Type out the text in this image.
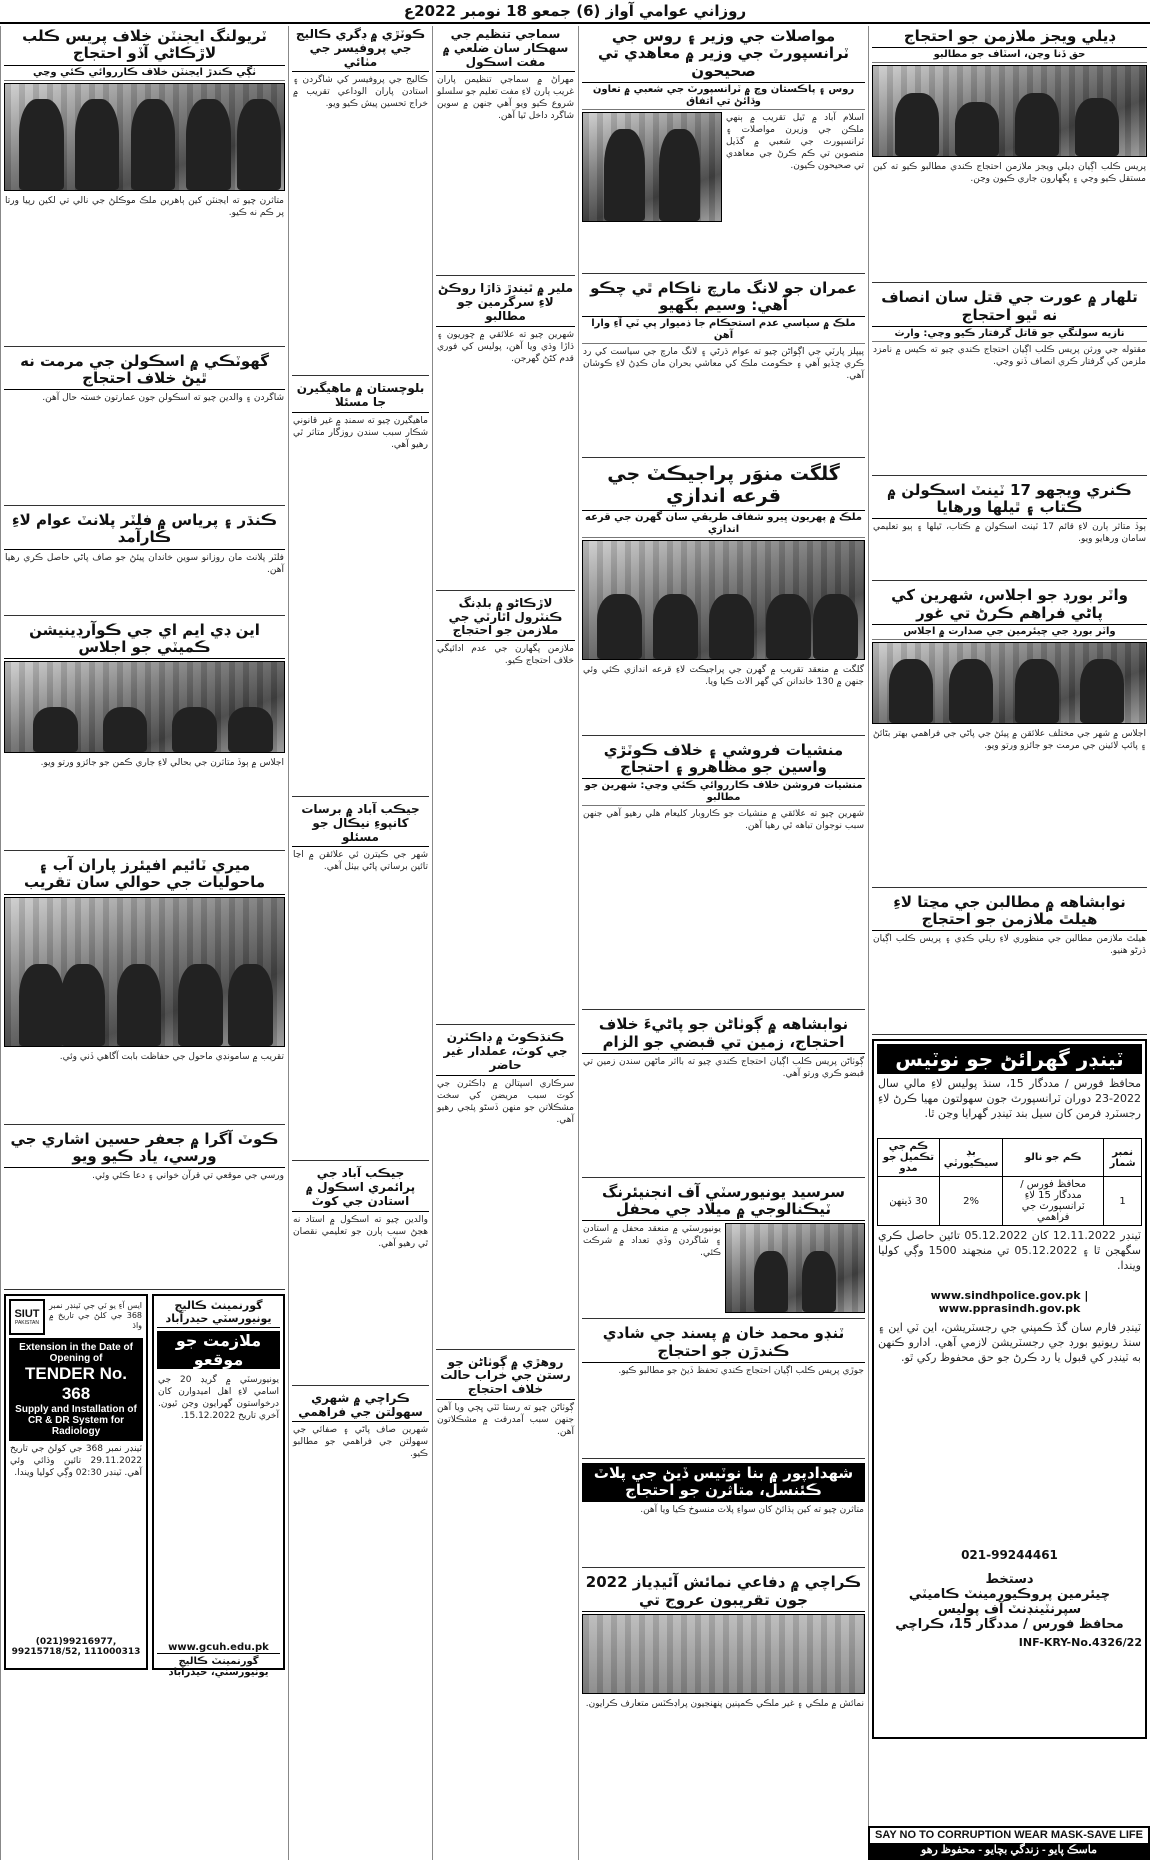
روزاني عوامي آواز (6) جمعو 18 نومبر 2022ع
ڊيلي ويجز ملازمن جو احتجاج
حق ڏنا وڃن، اسٽاف جو مطالبو
پريس ڪلب اڳيان ڊيلي ويجز ملازمن احتجاج ڪندي مطالبو ڪيو ته کين مستقل ڪيو وڃي ۽ پگهارون جاري ڪيون وڃن.
تلهار ۾ عورت جي قتل سان انصاف نه ٿيو احتجاج
نازيه سولنگي جو قاتل گرفتار ڪيو وڃي: وارث
مقتوله جي ورثن پريس ڪلب اڳيان احتجاج ڪندي چيو ته ڪيس ۾ نامزد ملزمن کي گرفتار ڪري انصاف ڏنو وڃي.
ڪنري ويجهو 17 ٽينٽ اسڪولن ۾ ڪتاب ۽ ٿيلها ورهايا
ٻوڏ متاثر ٻارن لاءِ قائم 17 ٽينٽ اسڪولن ۾ ڪتاب، ٿيلها ۽ ٻيو تعليمي سامان ورهايو ويو.
واٽر بورڊ جو اجلاس، شهرين کي پاڻي فراهم ڪرڻ تي غور
واٽر بورڊ جي چيئرمين جي صدارت ۾ اجلاس
اجلاس ۾ شهر جي مختلف علائقن ۾ پيئڻ جي پاڻي جي فراهمي بهتر بڻائڻ ۽ پائپ لائينن جي مرمت جو جائزو ورتو ويو.
نوابشاهه ۾ مطالبن جي مڃتا لاءِ هيلٿ ملازمن جو احتجاج
هيلٿ ملازمن مطالبن جي منظوري لاءِ ريلي ڪڍي ۽ پريس ڪلب اڳيان ڌرڻو هنيو.
ٽينڊر گهرائڻ جو نوٽيس
محافظ فورس / مددگار 15، سنڌ پوليس لاءِ مالي سال 2022-23 دوران ٽرانسپورٽ جون سهولتون مهيا ڪرڻ لاءِ رجسٽرڊ فرمن کان سيل بند ٽينڊر گهرايا وڃن ٿا.
نمبر شمار	ڪم جو نالو	بڊ سيڪيورٽي	ڪم جي تڪميل جو مدو
1	محافظ فورس / مددگار 15 لاءِ ٽرانسپورٽ جي فراهمي	2%	30 ڏينهن
ٽينڊر 12.11.2022 کان 05.12.2022 تائين حاصل ڪري سگهجن ٿا ۽ 05.12.2022 تي منجهند 1500 وڳي کوليا ويندا.
www.sindhpolice.gov.pk | www.pprasindh.gov.pk
ٽينڊر فارم سان گڏ ڪمپني جي رجسٽريشن، اين ٽي اين ۽ سنڌ ريونيو بورڊ جي رجسٽريشن لازمي آهي. ادارو ڪنهن به ٽينڊر کي قبول يا رد ڪرڻ جو حق محفوظ رکي ٿو.
021-99244461
دستخط
چيئرمين پروڪيورمينٽ ڪاميٽي
سپرنٽينڊنٽ آف پوليس
محافظ فورس / مددگار 15، ڪراچي
INF-KRY-No.4326/22
SAY NO TO CORRUPTION WEAR MASK-SAVE LIFE
ماسڪ پايو - زندگي بچايو - محفوظ رهو
مواصلات جي وزير ۽ روس جي ٽرانسپورٽ جي وزير ۾ معاهدي تي صحيحون
روس ۽ پاڪستان وچ ۾ ٽرانسپورٽ جي شعبي ۾ تعاون وڌائڻ تي اتفاق
اسلام آباد ۾ ٿيل تقريب ۾ ٻنهي ملڪن جي وزيرن مواصلات ۽ ٽرانسپورٽ جي شعبي ۾ گڏيل منصوبن تي ڪم ڪرڻ جي معاهدي تي صحيحون ڪيون.
عمران جو لانگ مارچ ناڪام ٿي چڪو آهي: وسيم بگهيو
ملڪ ۾ سياسي عدم استحڪام جا ذميوار پي ٽي آءِ وارا آهن
پيپلز پارٽي جي اڳواڻن چيو ته عوام ڌرڻي ۽ لانگ مارچ جي سياست کي رد ڪري ڇڏيو آهي ۽ حڪومت ملڪ کي معاشي بحران مان ڪڍڻ لاءِ ڪوشان آهي.
گلگت منوَر پراجيڪٽ جي قرعه اندازي
ملڪ ۾ پهريون ڀيرو شفاف طريقي سان گهرن جي قرعه اندازي
گلگت ۾ منعقد تقريب ۾ گهرن جي پراجيڪٽ لاءِ قرعه اندازي ڪئي وئي جنهن ۾ 130 خاندانن کي گهر الاٽ ڪيا ويا.
منشيات فروشي ۽ خلاف ڪوٽڙي واسين جو مظاهرو ۽ احتجاج
منشيات فروشن خلاف ڪارروائي ڪئي وڃي: شهرين جو مطالبو
شهرين چيو ته علائقي ۾ منشيات جو ڪاروبار کليعام هلي رهيو آهي جنهن سبب نوجوان تباهه ٿي رهيا آهن.
نوابشاهه ۾ ڳوٺاڻن جو پاڻيءَ خلاف احتجاج، زمين تي قبضي جو الزام
ڳوٺاڻن پريس ڪلب اڳيان احتجاج ڪندي چيو ته بااثر ماڻهن سندن زمين تي قبضو ڪري ورتو آهي.
سرسيد يونيورسٽي آف انجنيئرنگ ٽيڪنالوجي ۾ ميلاد جي محفل
يونيورسٽي ۾ منعقد محفل ۾ استادن ۽ شاگردن وڏي تعداد ۾ شرڪت ڪئي.
ٽنڊو محمد خان ۾ پسند جي شادي ڪندڙن جو احتجاج
جوڙي پريس ڪلب اڳيان احتجاج ڪندي تحفظ ڏيڻ جو مطالبو ڪيو.
شهدادپور ۾ بنا نوٽيس ڏيڻ جي پلاٽ ڪئنسل، متاثرن جو احتجاج
متاثرن چيو ته کين ٻڌائڻ کان سواءِ پلاٽ منسوخ ڪيا ويا آهن.
ڪراچي ۾ دفاعي نمائش آئيڊياز 2022 جون تقريبون عروج تي
نمائش ۾ ملڪي ۽ غير ملڪي ڪمپنين پنهنجيون پراڊڪٽس متعارف ڪرايون.
سماجي تنظيم جي سهڪار سان ضلعي ۾ مفت اسڪول
مهراڻ ۾ سماجي تنظيمن پاران غريب ٻارن لاءِ مفت تعليم جو سلسلو شروع ڪيو ويو آهي جنهن ۾ سوين شاگرد داخل ٿيا آهن.
ملير ۾ ٿيندڙ ڌاڙا روڪڻ لاءِ سرگرمين جو مطالبو
شهرين چيو ته علائقي ۾ چوريون ۽ ڌاڙا وڌي ويا آهن، پوليس کي فوري قدم کڻڻ گهرجن.
لاڙڪاڻو ۾ بلڊنگ ڪنٽرول اٿارٽي جي ملازمن جو احتجاج
ملازمن پگهارن جي عدم ادائيگي خلاف احتجاج ڪيو.
ڪنڌڪوٽ ۾ ڊاڪٽرن جي کوٽ، عملدار غير حاضر
سرڪاري اسپتالن ۾ ڊاڪٽرن جي کوٽ سبب مريضن کي سخت مشڪلاتن جو منهن ڏسڻو پئجي رهيو آهي.
روهڙي ۾ ڳوٺاڻن جو رستن جي خراب حالت خلاف احتجاج
ڳوٺاڻن چيو ته رستا ٽٽي ڀڄي ويا آهن جنهن سبب آمدرفت ۾ مشڪلاتون آهن.
ڪوٽڙي ۾ ڊگري ڪاليج جي پروفيسر جي مٺائي
ڪاليج جي پروفيسر کي شاگردن ۽ استادن پاران الوداعي تقريب ۾ خراج تحسين پيش ڪيو ويو.
بلوچستان ۾ ماهيگيرن جا مسئلا
ماهيگيرن چيو ته سمنڊ ۾ غير قانوني شڪار سبب سندن روزگار متاثر ٿي رهيو آهي.
جيڪب آباد ۾ برسات کانپوءِ نيڪال جو مسئلو
شهر جي ڪيترن ئي علائقن ۾ اڃا تائين برساتي پاڻي بيٺل آهي.
جيڪب آباد جي پرائمري اسڪول ۾ استادن جي کوٽ
والدين چيو ته اسڪول ۾ استاد نه هجڻ سبب ٻارن جو تعليمي نقصان ٿي رهيو آهي.
ڪراچي ۾ شهري سهولتن جي فراهمي
شهرين صاف پاڻي ۽ صفائي جي سهولتن جي فراهمي جو مطالبو ڪيو.
ٽريولنگ ايجنٽن خلاف پريس ڪلب لاڙڪاڻي آڏو احتجاج
ٺڳي ڪندڙ ايجنٽن خلاف ڪارروائي ڪئي وڃي
متاثرن چيو ته ايجنٽن کين ٻاهرين ملڪ موڪلڻ جي نالي تي لکين رپيا ورتا پر ڪم نه ڪيو.
گهوٽڪي ۾ اسڪولن جي مرمت نه ٿيڻ خلاف احتجاج
شاگردن ۽ والدين چيو ته اسڪولن جون عمارتون خستہ حال آهن.
ڪنڌر ۽ پرياس ۾ فلٽر پلانٽ عوام لاءِ ڪارآمد
فلٽر پلانٽ مان روزانو سوين خاندان پيئڻ جو صاف پاڻي حاصل ڪري رهيا آهن.
اين ڊي ايم اي جي ڪوآرڊينيشن ڪميٽي جو اجلاس
اجلاس ۾ ٻوڏ متاثرن جي بحالي لاءِ جاري ڪمن جو جائزو ورتو ويو.
ميري ٽائيم افيئرز پاران آب ۽ ماحوليات جي حوالي سان تقريب
تقريب ۾ سامونڊي ماحول جي حفاظت بابت آگاهي ڏني وئي.
ڪوٽ آگرا ۾ جعفر حسين اشاري جي ورسي، ياد ڪيو ويو
ورسي جي موقعي تي قرآن خواني ۽ دعا ڪئي وئي.
گورنمينٽ ڪاليج يونيورسٽي حيدرآباد
ملازمت جو موقعو
يونيورسٽي ۾ گريڊ 20 جي اسامي لاءِ اهل اميدوارن کان درخواستون گهرايون وڃن ٿيون. آخري تاريخ 15.12.2022.
www.gcuh.edu.pk
گورنمينٽ ڪاليج يونيورسٽي، حيدرآباد
SIUT
PAKISTAN
ايس آءِ يو ٽي جي ٽينڊر نمبر 368 جي کلڻ جي تاريخ ۾ واڌ
Extension in the Date of Opening of
TENDER No. 368
Supply and Installation of
CR & DR System for Radiology
ٽينڊر نمبر 368 جي کولڻ جي تاريخ 29.11.2022 تائين وڌائي وئي آهي. ٽينڊر 02:30 وڳي کوليا ويندا.
(021)99216977, 99215718/52, 111000313
